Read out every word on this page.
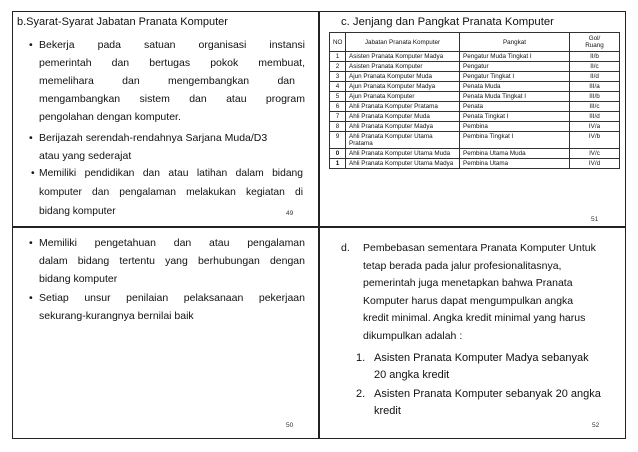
b.Syarat-Syarat Jabatan Pranata Komputer
• Bekerja pada satuan organisasi instansi
pemerintah dan bertugas pokok membuat,
memelihara dan mengembangkan dan
mengambangkan sistem dan atau program
pengolahan dengan komputer.
• Berijazah serendah-rendahnya Sarjana Muda/D3
atau yang sederajat
• Memiliki pendidikan dan atau latihan dalam bidang
komputer dan pengalaman melakukan kegiatan di
bidang komputer	49
c. Jenjang dan Pangkat Pranata Komputer
NO	Jabatan Pranata Komputer	Pangkat	Gol/
Ruang
1	Asisten Pranata Komputer Madya	Pengatur Muda Tingkat I	II/b
2	Asisten Pranata Komputer	Pengatur	II/c
3	Ajun Pranata Komputer Muda	Pengatur Tingkat I	II/d
4	Ajun Pranata Komputer Madya	Penata Muda	III/a
5	Ajun Pranata Komputer	Penata Muda Tingkat I	III/b
6	Ahli Pranata Komputer Pratama	Penata	III/c
7	Ahli Pranata Komputer Muda	Penata Tingkat I	III/d
8	Ahli Pranata Komputer Madya	Pembina	IV/a
9	Ahli Pranata Komputer Utama Pratama	Pembina Tingkat I	IV/b
0	Ahli Pranata Komputer Utama Muda	Pembina Utama Muda	IV/c
1	Ahli Pranata Komputer Utama Madya	Pembina Utama	IV/d
51
• Memiliki pengetahuan dan atau pengalaman
dalam bidang tertentu yang berhubungan dengan
bidang komputer
• Setiap unsur penilaian pelaksanaan pekerjaan
sekurang-kurangnya bernilai baik
50
d. Pembebasan sementara Pranata Komputer Untuk
tetap berada pada jalur profesionalitasnya,
pemerintah juga menetapkan bahwa Pranata
Komputer harus dapat mengumpulkan angka
kredit minimal. Angka kredit minimal yang harus
dikumpulkan adalah :
1. Asisten Pranata Komputer Madya sebanyak
20 angka kredit
2. Asisten Pranata Komputer sebanyak 20 angka
kredit
52
